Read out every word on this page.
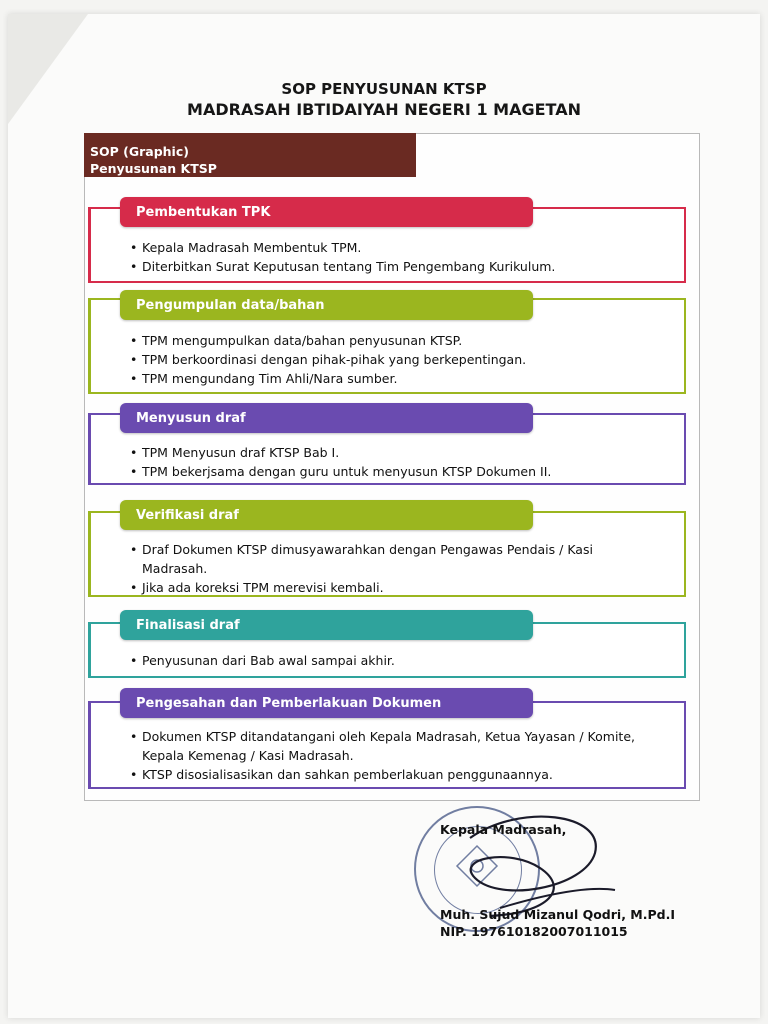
SOP PENYUSUNAN KTSP
MADRASAH IBTIDAIYAH NEGERI 1 MAGETAN
SOP (Graphic)
Penyusunan KTSP
Pembentukan TPK
• Kepala Madrasah Membentuk TPM.
• Diterbitkan Surat Keputusan tentang Tim Pengembang Kurikulum.
Pengumpulan data/bahan
• TPM mengumpulkan data/bahan penyusunan KTSP.
• TPM berkoordinasi dengan pihak-pihak yang berkepentingan.
• TPM mengundang Tim Ahli/Nara sumber.
Menyusun draf
• TPM Menyusun draf KTSP Bab I.
• TPM bekerjsama dengan guru untuk menyusun KTSP Dokumen II.
Verifikasi draf
• Draf Dokumen KTSP dimusyawarahkan dengan Pengawas Pendais / Kasi Madrasah.
• Jika ada koreksi TPM merevisi kembali.
Finalisasi draf
• Penyusunan dari Bab awal sampai akhir.
Pengesahan dan Pemberlakuan Dokumen
• Dokumen KTSP ditandatangani oleh Kepala Madrasah, Ketua Yayasan / Komite, Kepala Kemenag / Kasi Madrasah.
• KTSP disosialisasikan dan sahkan pemberlakuan penggunaannya.
Kepala Madrasah,
Muh. Sujud Mizanul Qodri, M.Pd.I
NIP. 197610182007011015
